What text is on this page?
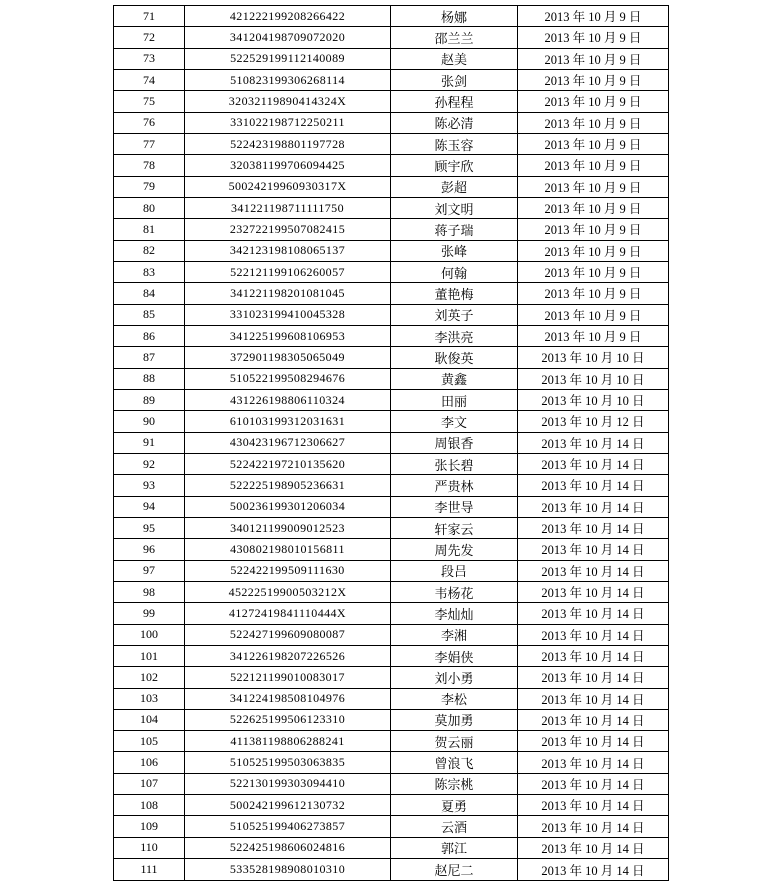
71	421222199208266422	杨娜	2013 年 10 月 9 日
72	341204198709072020	邵兰兰	2013 年 10 月 9 日
73	522529199112140089	赵美	2013 年 10 月 9 日
74	510823199306268114	张剑	2013 年 10 月 9 日
75	32032119890414324X	孙程程	2013 年 10 月 9 日
76	331022198712250211	陈必清	2013 年 10 月 9 日
77	522423198801197728	陈玉容	2013 年 10 月 9 日
78	320381199706094425	顾宇欣	2013 年 10 月 9 日
79	50024219960930317X	彭超	2013 年 10 月 9 日
80	341221198711111750	刘文明	2013 年 10 月 9 日
81	232722199507082415	蒋子瑞	2013 年 10 月 9 日
82	342123198108065137	张峰	2013 年 10 月 9 日
83	522121199106260057	何翰	2013 年 10 月 9 日
84	341221198201081045	董艳梅	2013 年 10 月 9 日
85	331023199410045328	刘英子	2013 年 10 月 9 日
86	341225199608106953	李洪亮	2013 年 10 月 9 日
87	372901198305065049	耿俊英	2013 年 10 月 10 日
88	510522199508294676	黄鑫	2013 年 10 月 10 日
89	431226198806110324	田丽	2013 年 10 月 10 日
90	610103199312031631	李文	2013 年 10 月 12 日
91	430423196712306627	周银香	2013 年 10 月 14 日
92	522422197210135620	张长碧	2013 年 10 月 14 日
93	522225198905236631	严贵林	2013 年 10 月 14 日
94	500236199301206034	李世导	2013 年 10 月 14 日
95	340121199009012523	轩家云	2013 年 10 月 14 日
96	430802198010156811	周先发	2013 年 10 月 14 日
97	522422199509111630	段吕	2013 年 10 月 14 日
98	45222519900503212X	韦杨花	2013 年 10 月 14 日
99	41272419841110444X	李灿灿	2013 年 10 月 14 日
100	522427199609080087	李湘	2013 年 10 月 14 日
101	341226198207226526	李娟侠	2013 年 10 月 14 日
102	522121199010083017	刘小勇	2013 年 10 月 14 日
103	341224198508104976	李松	2013 年 10 月 14 日
104	522625199506123310	莫加勇	2013 年 10 月 14 日
105	411381198806288241	贺云丽	2013 年 10 月 14 日
106	510525199503063835	曾浪飞	2013 年 10 月 14 日
107	522130199303094410	陈宗桃	2013 年 10 月 14 日
108	500242199612130732	夏勇	2013 年 10 月 14 日
109	510525199406273857	云酒	2013 年 10 月 14 日
110	522425198606024816	郭江	2013 年 10 月 14 日
111	533528198908010310	赵尼二	2013 年 10 月 14 日
